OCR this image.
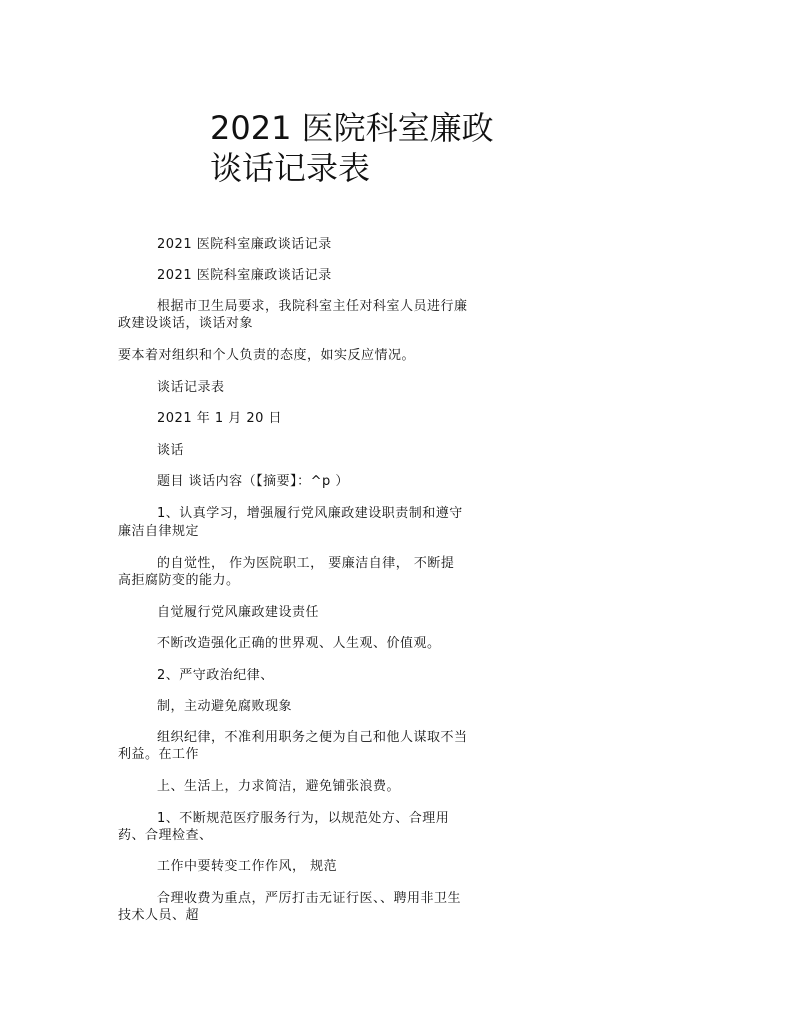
2021 医院科室廉政
谈话记录表

2021 医院科室廉政谈话记录

2021 医院科室廉政谈话记录

根据市卫生局要求，我院科室主任对科室人员进行廉

政建设谈话，谈话对象

要本着对组织和个人负责的态度，如实反应情况。

谈话记录表

2021 年 1 月 20 日

谈话

题目 谈话内容（【摘要】：^p ）

1、认真学习，增强履行党风廉政建设职责制和遵守

廉洁自律规定

的自觉性， 作为医院职工， 要廉洁自律， 不断提

高拒腐防变的能力。

自觉履行党风廉政建设责任

不断改造强化正确的世界观、人生观、价值观。

2、严守政治纪律、

制，主动避免腐败现象

组织纪律，不准利用职务之便为自己和他人谋取不当

利益。在工作

上、生活上，力求简洁，避免铺张浪费。

1、不断规范医疗服务行为，以规范处方、合理用

药、合理检查、

工作中要转变工作作风， 规范

合理收费为重点，严厉打击无证行医、、聘用非卫生

技术人员、超
